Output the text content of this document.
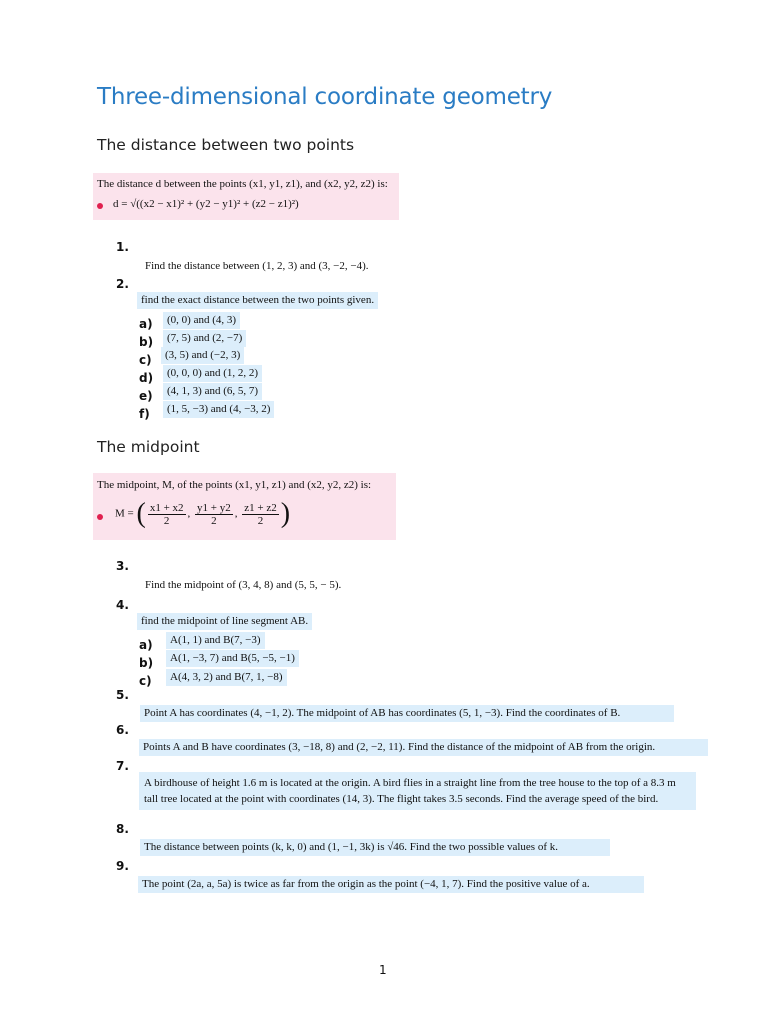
Three-dimensional coordinate geometry
The distance between two points
The distance d between the points (x1, y1, z1), and (x2, y2, z2) is:
d = √((x2 − x1)² + (y2 − y1)² + (z2 − z1)²)
1.
Find the distance between (1, 2, 3) and (3, −2, −4).
2.
find the exact distance between the two points given.
a)	(0, 0) and (4, 3)
b)	(7, 5) and (2, −7)
c)	(3, 5) and (−2, 3)
d)	(0, 0, 0) and (1, 2, 2)
e)	(4, 1, 3) and (6, 5, 7)
f)	(1, 5, −3) and (4, −3, 2)
The midpoint
The midpoint, M, of the points (x1, y1, z1) and (x2, y2, z2) is:
M = ( $\frac{x1 + x2}{2}$ , $\frac{y1 + y2}{2}$ , $\frac{z1 + z2}{2}$ )
3.
Find the midpoint of (3, 4, 8) and (5, 5, − 5).
4.
find the midpoint of line segment AB.
a)	A(1, 1) and B(7, −3)
b)	A(1, −3, 7) and B(5, −5, −1)
c)	A(4, 3, 2) and B(7, 1, −8)
5.
Point A has coordinates (4, −1, 2). The midpoint of AB has coordinates (5, 1, −3). Find the coordinates of B.
6.
Points A and B have coordinates (3, −18, 8) and (2, −2, 11). Find the distance of the midpoint of AB from the origin.
7.
A birdhouse of height 1.6 m is located at the origin. A bird flies in a straight line from the tree house to the top of a 8.3 m tall tree located at the point with coordinates (14, 3). The flight takes 3.5 seconds. Find the average speed of the bird.
8.
The distance between points (k, k, 0) and (1, −1, 3k) is √46. Find the two possible values of k.
9.
The point (2a, a, 5a) is twice as far from the origin as the point (−4, 1, 7). Find the positive value of a.
1
